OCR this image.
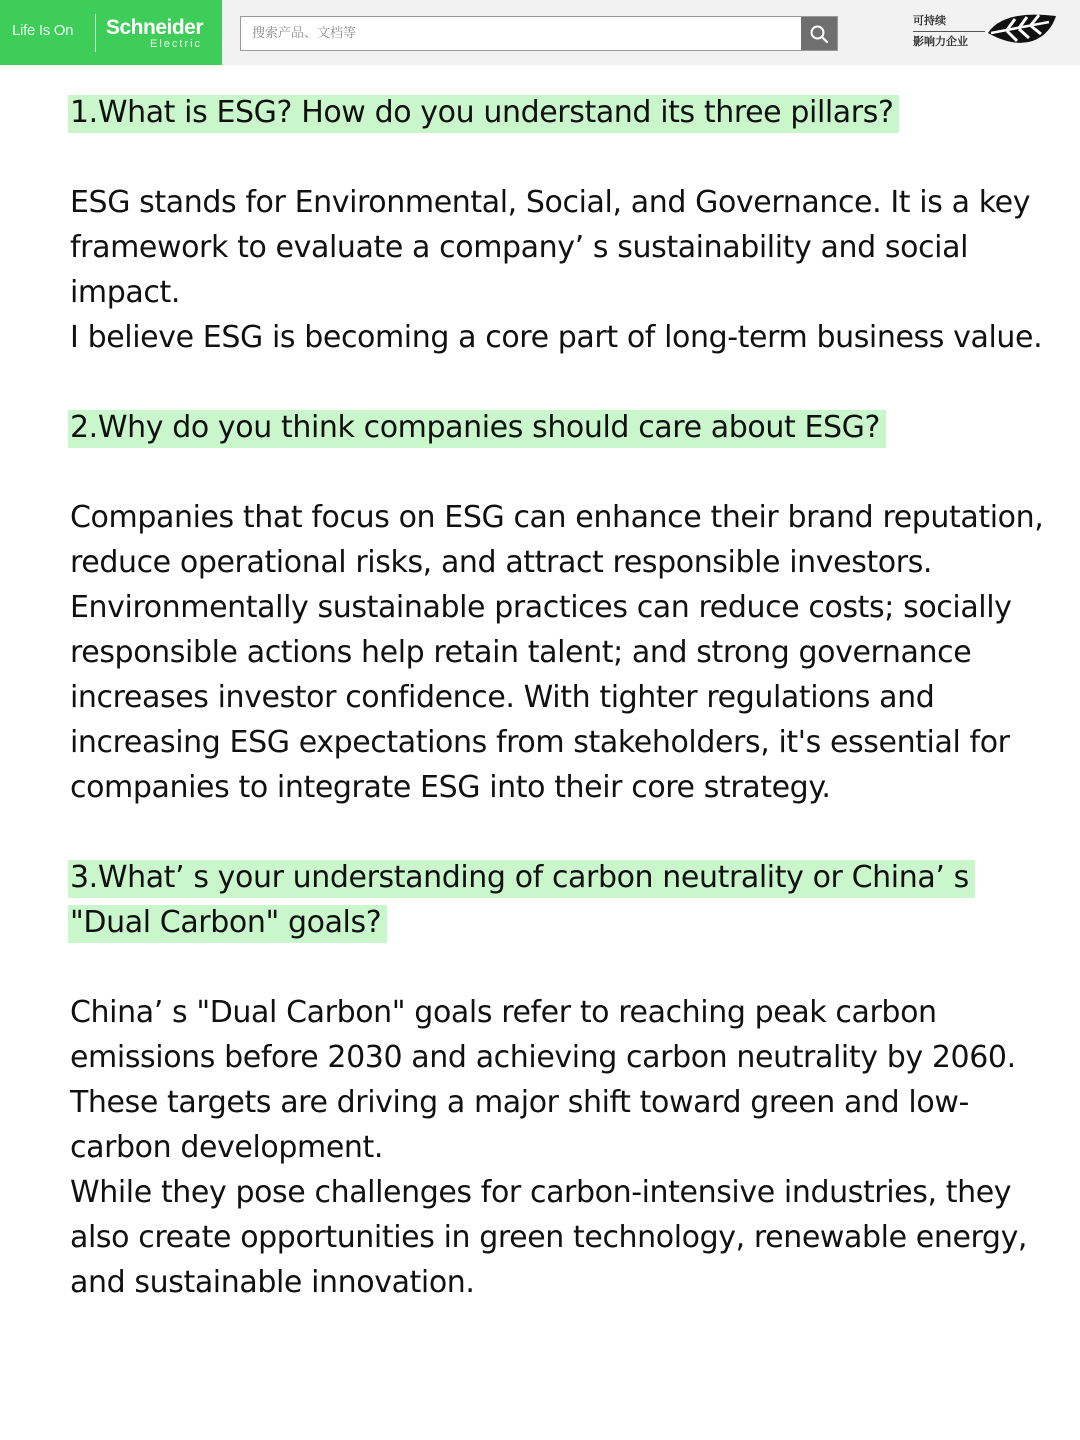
Life Is On Schneider
Electric
搜索产品、文档等
可持续
影响力企业
1.What is ESG? How do you understand its three pillars?

ESG stands for Environmental, Social, and Governance. It is a key framework to evaluate a company’ s sustainability and social impact.

I believe ESG is becoming a core part of long-term business value.

2.Why do you think companies should care about ESG?

Companies that focus on ESG can enhance their brand reputation, reduce operational risks, and attract responsible investors.

Environmentally sustainable practices can reduce costs; socially responsible actions help retain talent; and strong governance increases investor confidence. With tighter regulations and increasing ESG expectations from stakeholders, it's essential for companies to integrate ESG into their core strategy.

3.What’ s your understanding of carbon neutrality or China’ s "Dual Carbon" goals?

China’ s "Dual Carbon" goals refer to reaching peak carbon emissions before 2030 and achieving carbon neutrality by 2060. These targets are driving a major shift toward green and low-carbon development.

While they pose challenges for carbon-intensive industries, they also create opportunities in green technology, renewable energy, and sustainable innovation.
